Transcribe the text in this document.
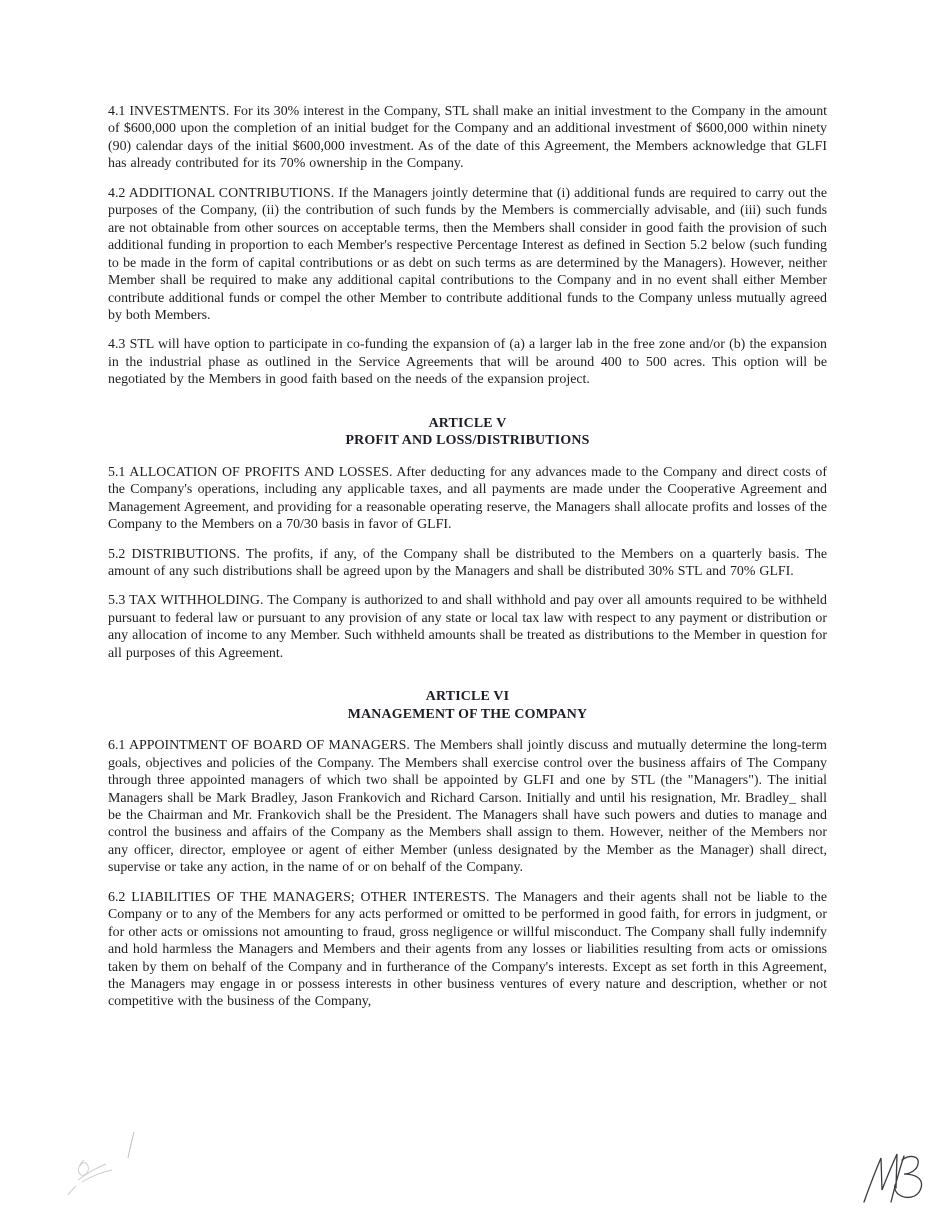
4.1 INVESTMENTS. For its 30% interest in the Company, STL shall make an initial investment to the Company in the amount of $600,000 upon the completion of an initial budget for the Company and an additional investment of $600,000 within ninety (90) calendar days of the initial $600,000 investment. As of the date of this Agreement, the Members acknowledge that GLFI has already contributed for its 70% ownership in the Company.

4.2 ADDITIONAL CONTRIBUTIONS. If the Managers jointly determine that (i) additional funds are required to carry out the purposes of the Company, (ii) the contribution of such funds by the Members is commercially advisable, and (iii) such funds are not obtainable from other sources on acceptable terms, then the Members shall consider in good faith the provision of such additional funding in proportion to each Member's respective Percentage Interest as defined in Section 5.2 below (such funding to be made in the form of capital contributions or as debt on such terms as are determined by the Managers). However, neither Member shall be required to make any additional capital contributions to the Company and in no event shall either Member contribute additional funds or compel the other Member to contribute additional funds to the Company unless mutually agreed by both Members.

4.3 STL will have option to participate in co-funding the expansion of (a) a larger lab in the free zone and/or (b) the expansion in the industrial phase as outlined in the Service Agreements that will be around 400 to 500 acres. This option will be negotiated by the Members in good faith based on the needs of the expansion project.

ARTICLE V
PROFIT AND LOSS/DISTRIBUTIONS

5.1 ALLOCATION OF PROFITS AND LOSSES. After deducting for any advances made to the Company and direct costs of the Company's operations, including any applicable taxes, and all payments are made under the Cooperative Agreement and Management Agreement, and providing for a reasonable operating reserve, the Managers shall allocate profits and losses of the Company to the Members on a 70/30 basis in favor of GLFI.

5.2 DISTRIBUTIONS. The profits, if any, of the Company shall be distributed to the Members on a quarterly basis. The amount of any such distributions shall be agreed upon by the Managers and shall be distributed 30% STL and 70% GLFI.

5.3 TAX WITHHOLDING. The Company is authorized to and shall withhold and pay over all amounts required to be withheld pursuant to federal law or pursuant to any provision of any state or local tax law with respect to any payment or distribution or any allocation of income to any Member. Such withheld amounts shall be treated as distributions to the Member in question for all purposes of this Agreement.

ARTICLE VI
MANAGEMENT OF THE COMPANY

6.1 APPOINTMENT OF BOARD OF MANAGERS. The Members shall jointly discuss and mutually determine the long-term goals, objectives and policies of the Company. The Members shall exercise control over the business affairs of The Company through three appointed managers of which two shall be appointed by GLFI and one by STL (the "Managers"). The initial Managers shall be Mark Bradley, Jason Frankovich and Richard Carson. Initially and until his resignation, Mr. Bradley_ shall be the Chairman and Mr. Frankovich shall be the President. The Managers shall have such powers and duties to manage and control the business and affairs of the Company as the Members shall assign to them. However, neither of the Members nor any officer, director, employee or agent of either Member (unless designated by the Member as the Manager) shall direct, supervise or take any action, in the name of or on behalf of the Company.

6.2 LIABILITIES OF THE MANAGERS; OTHER INTERESTS. The Managers and their agents shall not be liable to the Company or to any of the Members for any acts performed or omitted to be performed in good faith, for errors in judgment, or for other acts or omissions not amounting to fraud, gross negligence or willful misconduct. The Company shall fully indemnify and hold harmless the Managers and Members and their agents from any losses or liabilities resulting from acts or omissions taken by them on behalf of the Company and in furtherance of the Company's interests. Except as set forth in this Agreement, the Managers may engage in or possess interests in other business ventures of every nature and description, whether or not competitive with the business of the Company,
